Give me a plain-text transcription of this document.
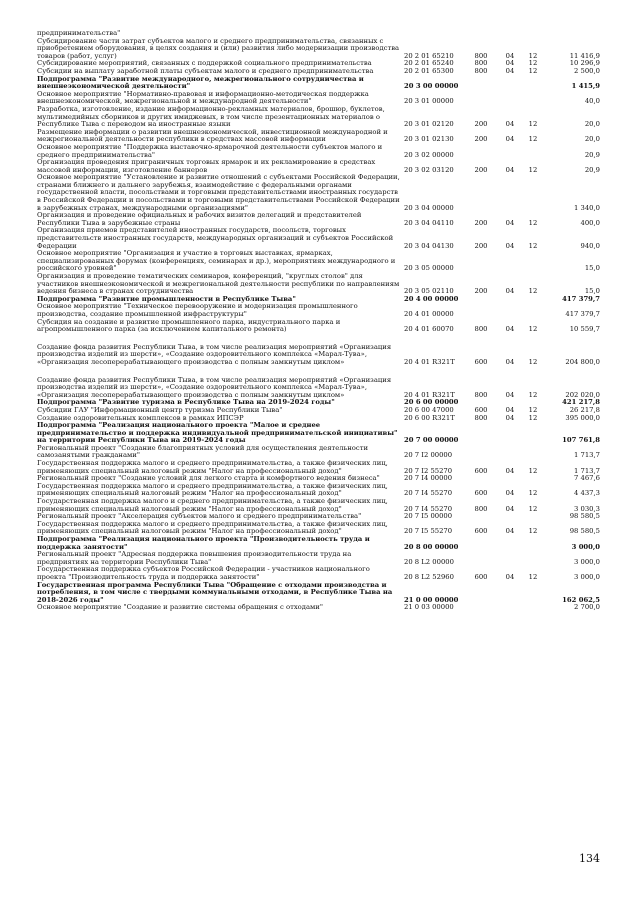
предпринимательства"					
Субсидирование части затрат субъектов малого и среднего предпринимательства, связанных с приобретением оборудования, в целях создания и (или) развития либо модернизации производства товаров (работ, услуг)	20 2 01 65210	800	04	12	11 416,9
Субсидирование мероприятий, связанных с поддержкой социального предпринимательства	20 2 01 65240	800	04	12	10 296,9
Субсидии на выплату заработной платы субъектам малого и среднего предпринимательства	20 2 01 65300	800	04	12	2 500,0
Подпрограмма "Развитие международного, межрегионального сотрудничества и внешнеэкономической деятельности"	20 3 00 00000				1 415,9
Основное мероприятие "Нормативно-правовая и информационно-методическая поддержка внешнеэкономической, межрегиональной и международной деятельности"	20 3 01 00000				40,0
Разработка, изготовление, издание информационно-рекламных материалов, брошюр, буклетов, мультимедийных сборников и других имиджевых, в том числе презентационных материалов о Республике Тыва с переводом на иностранные языки	20 3 01 02120	200	04	12	20,0
Размещение информации о развитии внешнеэкономической, инвестиционной международной и межрегиональной деятельности республики в средствах массовой информации	20 3 01 02130	200	04	12	20,0
Основное мероприятие "Поддержка выставочно-ярмарочной деятельности субъектов малого и среднего предпринимательства"	20 3 02 00000				20,9
Организация проведения приграничных торговых ярмарок и их рекламирование в средствах массовой информации, изготовление баннеров	20 3 02 03120	200	04	12	20,9
Основное мероприятие "Установление и развитие отношений с субъектами Российской Федерации, странами ближнего и дальнего зарубежья, взаимодействие с федеральными органами государственной власти, посольствами и торговыми представительствами иностранных государств в Российской Федерации и посольствами и торговыми представительствами Российской Федерации в зарубежных странах, международными организациями"	20 3 04 00000				1 340,0
Организация и проведение официальных и рабочих визитов делегаций и представителей Республики Тыва в зарубежные страны	20 3 04 04110	200	04	12	400,0
Организация приемов представителей иностранных государств, посольств, торговых представительств иностранных государств, международных организаций и субъектов Российской Федерации	20 3 04 04130	200	04	12	940,0
Основное мероприятие "Организация и участие в торговых выставках, ярмарках, специализированных форумах (конференциях, семинарах и др.), мероприятиях международного и российского уровней"	20 3 05 00000				15,0
Организация и проведение тематических семинаров, конференций, "круглых столов" для участников внешнеэкономической и межрегиональной деятельности республики по направлениям ведения бизнеса в странах сотрудничества	20 3 05 02110	200	04	12	15,0
Подпрограмма "Развитие промышленности в Республике Тыва"	20 4 00 00000				417 379,7
Основное мероприятие "Техническое перевооружение и модернизация промышленного производства, создание промышленной инфраструктуры"	20 4 01 00000				417 379,7
Субсидия на создание и развитие промышленного парка, индустриального парка и агропромышленного парка (за исключением капитального ремонта)	20 4 01 60070	800	04	12	10 559,7

Создание фонда развития Республики Тыва, в том числе реализация мероприятий «Организация производства изделий из шерсти», «Создание оздоровительного комплекса «Марал-Тува», «Организация лесоперерабатывающего производства с полным замкнутым циклом»	20 4 01 R321T	600	04	12	204 800,0

Создание фонда развития Республики Тыва, в том числе реализация мероприятий «Организация производства изделий из шерсти», «Создание оздоровительного комплекса «Марал-Тува», «Организация лесоперерабатывающего производства с полным замкнутым циклом»	20 4 01 R321T	800	04	12	202 020,0
Подпрограмма "Развитие туризма в Республике Тыва на 2019-2024 годы"	20 6 00 00000				421 217,8
Субсидии ГАУ "Информационный центр туризма Республики Тыва"	20 6 00 47000	600	04	12	26 217,8
Создание оздоровительных комплексов в рамках ИПСЭР	20 6 00 R321T	800	04	12	395 000,0
Подпрограмма "Реализация национального проекта "Малое и среднее предпринимательство и поддержка индивидуальной предпринимательской инициативы" на территории Республики Тыва на 2019-2024 годы	20 7 00 00000				107 761,8
Региональный проект "Создание благоприятных условий для осуществления деятельности самозанятыми гражданами"	20 7 I2 00000				1 713,7
Государственная поддержка малого и среднего предпринимательства, а также физических лиц, применяющих специальный налоговый режим "Налог на профессиональный доход"	20 7 I2 55270	600	04	12	1 713,7
Региональный проект "Создание условий для легкого старта и комфортного ведения бизнеса"	20 7 I4 00000				7 467,6
Государственная поддержка малого и среднего предпринимательства, а также физических лиц, применяющих специальный налоговый режим "Налог на профессиональный доход"	20 7 I4 55270	600	04	12	4 437,3
Государственная поддержка малого и среднего предпринимательства, а также физических лиц, применяющих специальный налоговый режим "Налог на профессиональный доход"	20 7 I4 55270	800	04	12	3 030,3
Региональный проект "Акселерация субъектов малого и среднего предпринимательства"	20 7 I5 00000				98 580,5
Государственная поддержка малого и среднего предпринимательства, а также физических лиц, применяющих специальный налоговый режим "Налог на профессиональный доход"	20 7 I5 55270	600	04	12	98 580,5
Подпрограмма "Реализация национального проекта "Производительность труда и поддержка занятости"	20 8 00 00000				3 000,0
Региональный проект "Адресная поддержка повышения производительности труда на предприятиях на территории Республики Тыва"	20 8 L2 00000				3 000,0
Государственная поддержка субъектов Российской Федерации - участников национального проекта "Производительность труда и поддержка занятости"	20 8 L2 52960	600	04	12	3 000,0
Государственная программа Республики Тыва "Обращение с отходами производства и потребления, в том числе с твердыми коммунальными отходами, в Республике Тыва на 2018-2026 годы"	21 0 00 00000				162 062,5
Основное мероприятие "Создание и развитие системы обращения с отходами"	21 0 03 00000				2 700,0
134
